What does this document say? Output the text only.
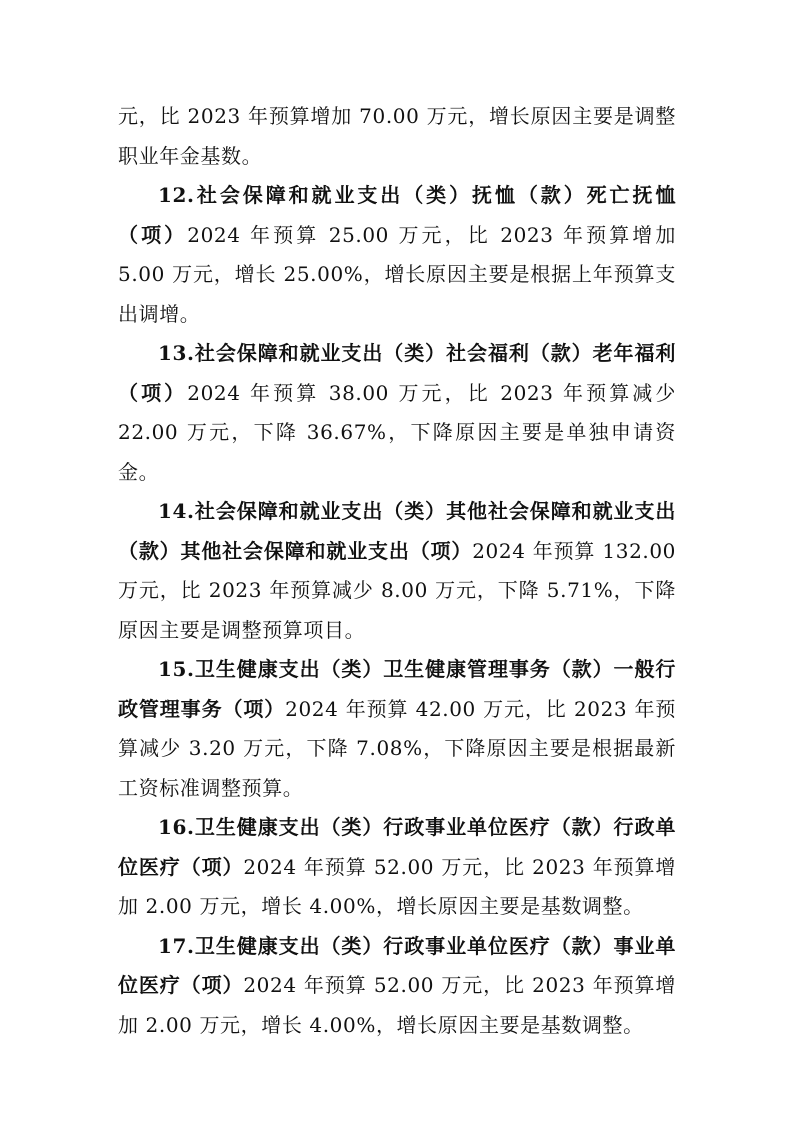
元，比 2023 年预算增加 70.00 万元，增长原因主要是调整职业年金基数。

12.社会保障和就业支出（类）抚恤（款）死亡抚恤（项）2024 年预算 25.00 万元，比 2023 年预算增加 5.00 万元，增长 25.00%，增长原因主要是根据上年预算支出调增。

13.社会保障和就业支出（类）社会福利（款）老年福利（项）2024 年预算 38.00 万元，比 2023 年预算减少 22.00 万元，下降 36.67%，下降原因主要是单独申请资金。

14.社会保障和就业支出（类）其他社会保障和就业支出（款）其他社会保障和就业支出（项）2024 年预算 132.00 万元，比 2023 年预算减少 8.00 万元，下降 5.71%，下降原因主要是调整预算项目。

15.卫生健康支出（类）卫生健康管理事务（款）一般行政管理事务（项）2024 年预算 42.00 万元，比 2023 年预算减少 3.20 万元，下降 7.08%，下降原因主要是根据最新工资标准调整预算。

16.卫生健康支出（类）行政事业单位医疗（款）行政单位医疗（项）2024 年预算 52.00 万元，比 2023 年预算增加 2.00 万元，增长 4.00%，增长原因主要是基数调整。

17.卫生健康支出（类）行政事业单位医疗（款）事业单位医疗（项）2024 年预算 52.00 万元，比 2023 年预算增加 2.00 万元，增长 4.00%，增长原因主要是基数调整。
